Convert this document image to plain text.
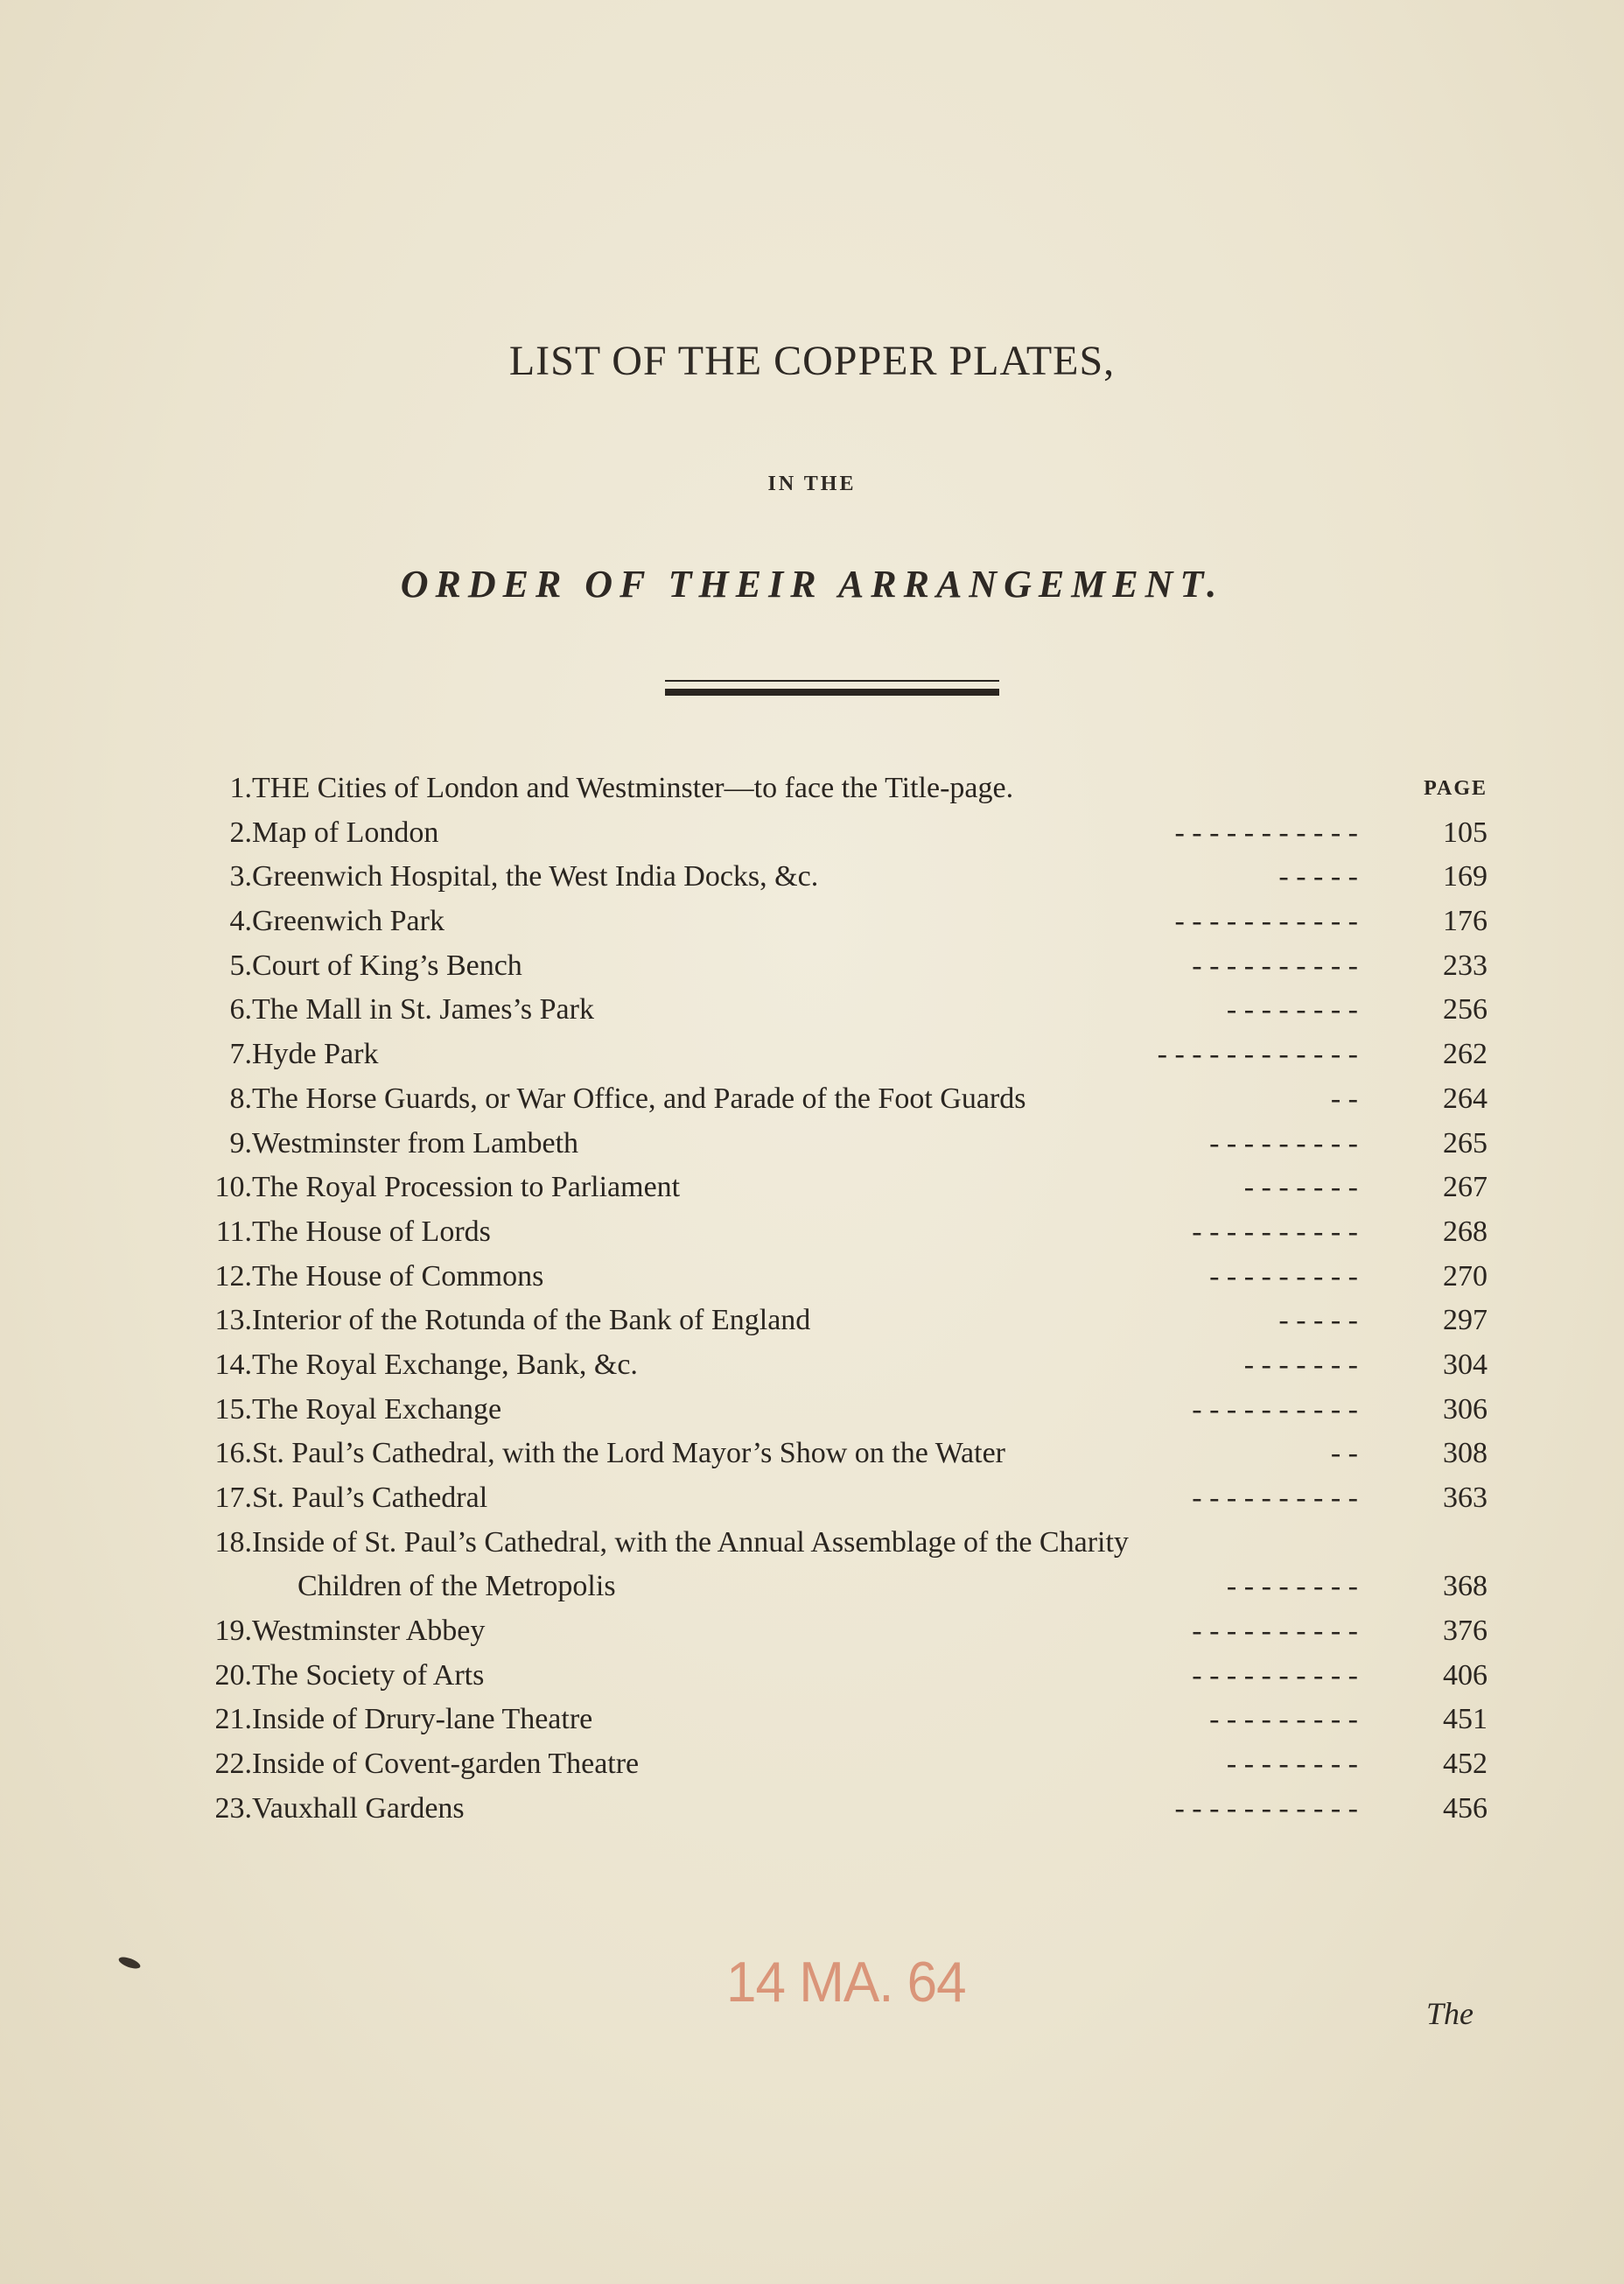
LIST OF THE COPPER PLATES,
IN THE
ORDER OF THEIR ARRANGEMENT.
PAGE
1. THE Cities of London and Westminster—to face the Title-page.
2. Map of London	- - - - - - - - - - -	105
3. Greenwich Hospital, the West India Docks, &c.	- - - - -	169
4. Greenwich Park	- - - - - - - - - - -	176
5. Court of King’s Bench	- - - - - - - - - -	233
6. The Mall in St. James’s Park	- - - - - - - -	256
7. Hyde Park	- - - - - - - - - - - -	262
8. The Horse Guards, or War Office, and Parade of the Foot Guards	- -	264
9. Westminster from Lambeth	- - - - - - - - -	265
10. The Royal Procession to Parliament	- - - - - - -	267
11. The House of Lords	- - - - - - - - - -	268
12. The House of Commons	- - - - - - - - -	270
13. Interior of the Rotunda of the Bank of England	- - - - -	297
14. The Royal Exchange, Bank, &c.	- - - - - - -	304
15. The Royal Exchange	- - - - - - - - - -	306
16. St. Paul’s Cathedral, with the Lord Mayor’s Show on the Water	- -	308
17. St. Paul’s Cathedral	- - - - - - - - - -	363
18. Inside of St. Paul’s Cathedral, with the Annual Assemblage of the Charity
Children of the Metropolis	- - - - - - - -	368
19. Westminster Abbey	- - - - - - - - - -	376
20. The Society of Arts	- - - - - - - - - -	406
21. Inside of Drury-lane Theatre	- - - - - - - - -	451
22. Inside of Covent-garden Theatre	- - - - - - - -	452
23. Vauxhall Gardens	- - - - - - - - - - -	456
14 MA. 64	The
